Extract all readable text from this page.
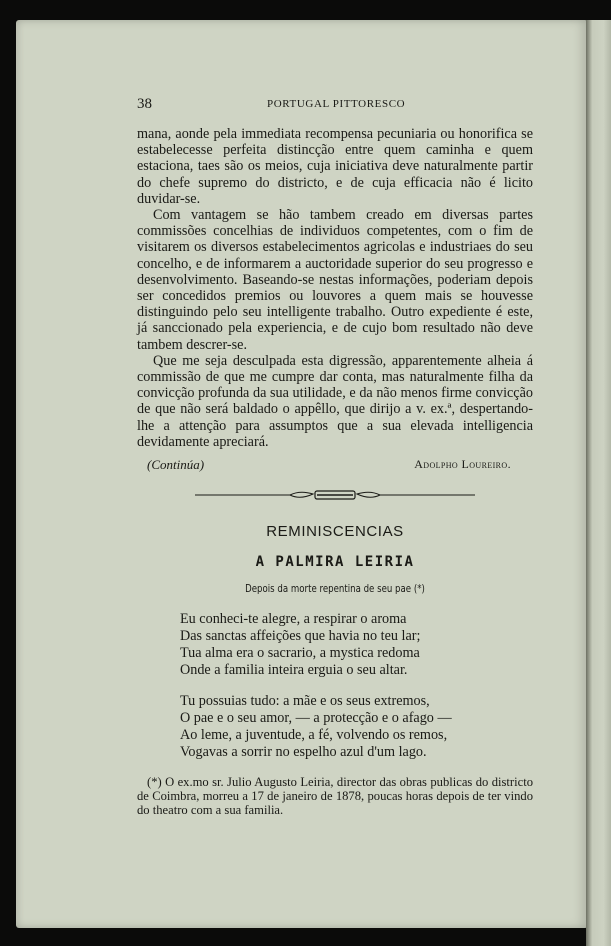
38	PORTUGAL PITTORESCO

mana, aonde pela immediata recompensa pecuniaria ou honorifica se estabelecesse perfeita distincção entre quem caminha e quem estaciona, taes são os meios, cuja iniciativa deve naturalmente partir do chefe supremo do districto, e de cuja efficacia não é licito duvidar-se.

Com vantagem se hão tambem creado em diversas partes commissões concelhias de individuos competentes, com o fim de visitarem os diversos estabelecimentos agricolas e industriaes do seu concelho, e de informarem a auctoridade superior do seu progresso e desenvolvimento. Baseando-se nestas informações, poderiam depois ser concedidos premios ou louvores a quem mais se houvesse distinguindo pelo seu intelligente trabalho. Outro expediente é este, já sanccionado pela experiencia, e de cujo bom resultado não deve tambem descrer-se.

Que me seja desculpada esta digressão, apparentemente alheia á commissão de que me cumpre dar conta, mas naturalmente filha da convicção profunda da sua utilidade, e da não menos firme convicção de que não será baldado o appêllo, que dirijo a v. ex.ª, despertando-lhe a attenção para assumptos que a sua elevada intelligencia devidamente apreciará.

(Continúa)	Adolpho Loureiro.
REMINISCENCIAS
A PALMIRA LEIRIA
Depois da morte repentina de seu pae (*)
Eu conheci-te alegre, a respirar o aroma
Das sanctas affeições que havia no teu lar;
Tua alma era o sacrario, a mystica redoma
Onde a familia inteira erguia o seu altar.
Tu possuias tudo: a mãe e os seus extremos,
O pae e o seu amor, — a protecção e o afago —
Ao leme, a juventude, a fé, volvendo os remos,
Vogavas a sorrir no espelho azul d'um lago.
(*) O ex.mo sr. Julio Augusto Leiria, director das obras publicas do districto de Coimbra, morreu a 17 de janeiro de 1878, poucas horas depois de ter vindo do theatro com a sua familia.
